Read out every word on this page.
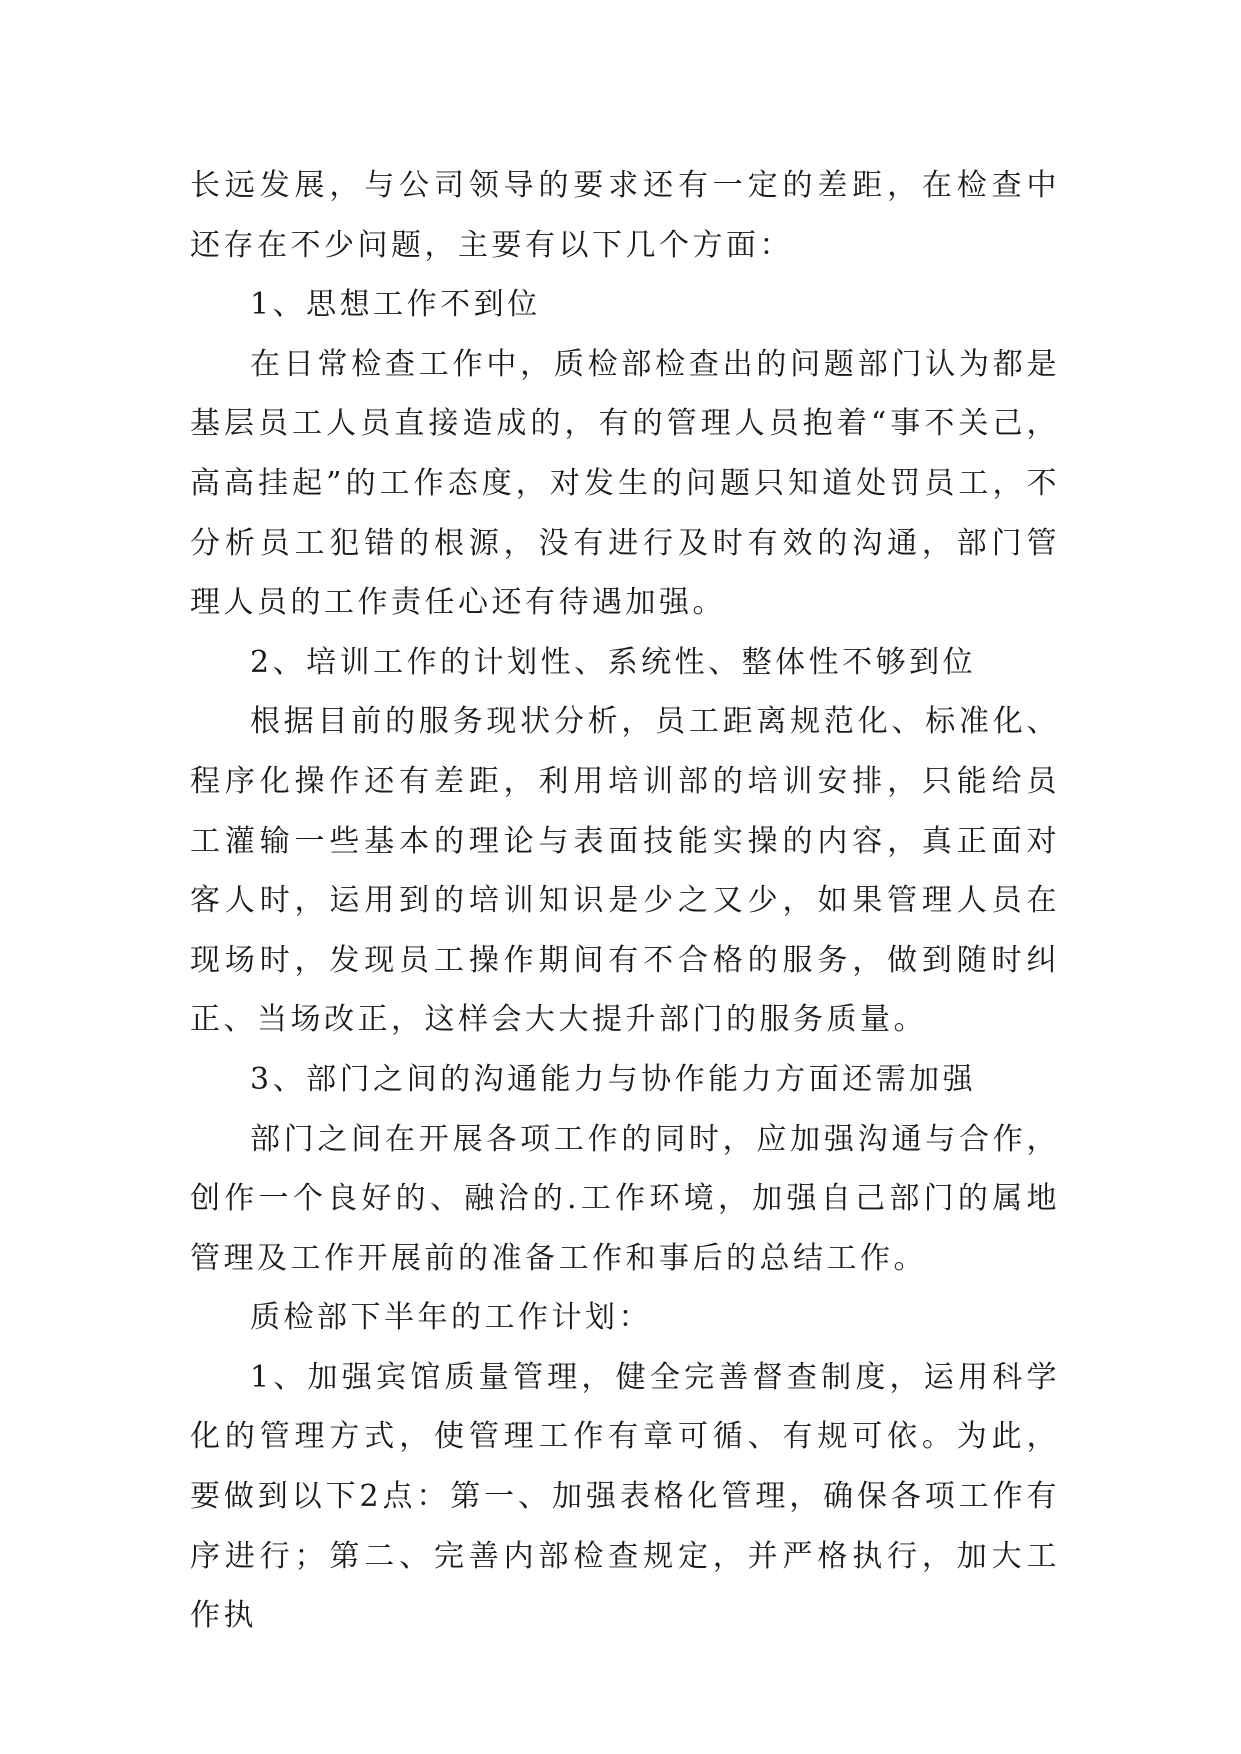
长远发展，与公司领导的要求还有一定的差距，在检查中还存在不少问题，主要有以下几个方面：

1、思想工作不到位

在日常检查工作中，质检部检查出的问题部门认为都是基层员工人员直接造成的，有的管理人员抱着“事不关己，高高挂起”的工作态度，对发生的问题只知道处罚员工，不分析员工犯错的根源，没有进行及时有效的沟通，部门管理人员的工作责任心还有待遇加强。

2、培训工作的计划性、系统性、整体性不够到位

根据目前的服务现状分析，员工距离规范化、标准化、程序化操作还有差距，利用培训部的培训安排，只能给员工灌输一些基本的理论与表面技能实操的内容，真正面对客人时，运用到的培训知识是少之又少，如果管理人员在现场时，发现员工操作期间有不合格的服务，做到随时纠正、当场改正，这样会大大提升部门的服务质量。

3、部门之间的沟通能力与协作能力方面还需加强

部门之间在开展各项工作的同时，应加强沟通与合作，创作一个良好的、融洽的.工作环境，加强自己部门的属地管理及工作开展前的准备工作和事后的总结工作。

质检部下半年的工作计划：

1、加强宾馆质量管理，健全完善督查制度，运用科学化的管理方式，使管理工作有章可循、有规可依。为此，要做到以下2点：第一、加强表格化管理，确保各项工作有序进行；第二、完善内部检查规定，并严格执行，加大工作执
